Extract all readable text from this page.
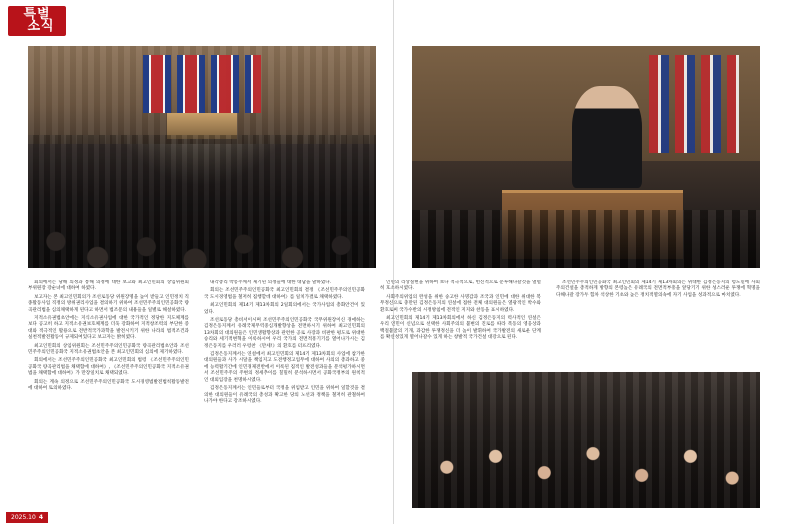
특별
소식

회의에서는 당해 의정과 통해 의정에 대한 보고와 최고인민회의 상임위원회 부위원장 강순녀에 대하여 하였다.

보고자는 본 최고인민회의가 조선로동당 위원장명을 높이 받들고 인민정치 직종활동사업 직정의 방위권리사업을 결의하기 위하여 조선민주주의인민공화국 량곡관리법을 심의채택하게 된다고 하면서 법조문의 내용들을 일별로 해설하였다.

지적소유권법초안에는 지식소유권사업에 대한 국가적인 정당한 지도체계를 보다 공고히 하고 지적소유권보호체계를 더욱 강화하여 지적창조력의 부단한 증대와 적극적인 활용으로 전반적국가과학을 발전시키기 위한 나라의 법적조건과 실천적발전활동이 규제되여있다고 보고자는 밝히였다.

최고인민회의 상임위원회는 조선민주주의인민공화국 량곡관리법초안과 조선민주주의인민공화국 지적소유권법초안을 본 최고인민회의 심의에 제기하였다.

회의에서는 조선민주주의인민공화국 최고인민회의 법령 《조선민주주의인민공화국 량곡관리법을 채택함에 대하여》, 《조선민주주의인민공화국 지적소유권법을 채택함에 대하여》가 만장일치로 채택되였다.

회의는 계속 의정으로 조선민주주의인민공화국 도시경영법발전법칙활동발전에 대하여 토의하였다.

내각총리 박봉주께서 제기된 의정들에 대한 대답을 말하였다.

회의는 조선민주주의인민공화국 최고인민회의 결정 《조선민주주의인민공화국 도시경영법을 철저히 집행할데 대하여》를 일치가결로 채택하였다.

최고인민회의 제14기 제13차회의 2일회의에서는 국가사업의 총화안건이 있었다.

조선로동당 총비서이시며 조선민주주의인민공화국 국무위원장이신 경애하는 김정은동지께서 유례국제무역중심개발향상을 전면하시기 위하여 최고인민회의 13차회의 대의원들은 인민생활향상과 관련한 공로 사장과 비판한 평도로 위대한 승리와 세기적변혁을 이룩하시여 우리 국가의 전면적흥기기를 열어나가시는 김정은동지를 우러러 우렁찬 《만세!》의 환호를 터뜨리였다.

김정은동지께서는 연설에서 최고인민회의 제14기 제13차회의 사업에 참가한 대의원들과 사가 시달을 책임지고 도전행정고업무에 대하여 사의의 총과하고 중에 능력활기간에 인민경제전반에서 이룩된 집적인 발전성과들을 분석평가하시면서 조선민주주의 주변의 정세추이를 칠밀히 분석하시면서 공화국정부의 원칙적인 대외입장을 천명하시였다.

김정은동지께서는 인민들로부터 국정을 위임받고 인민을 위하여 일할것을 결의한 대의원들이 유례국의 총성과 확고한 당의 노선과 정책을 철저히 관철하여 나가야 한다고 강조하시였다.

인민의 리상실현을 위하여 보다 적극적으로, 헌신적으로 문투해나갈것을 열렬히 호소하시였다.

사회주의위업의 완성을 위한 숭고한 사명감과 조국과 인민에 대한 위대한 복무정신으로 충만된 김정은동지의 연설에 접한 전체 대의원들은 열광적인 박수와 환호로써 국가수반의 시정방침에 전적인 지지와 찬동을 표시하였다.

최고인민회의 제14기 제13차회의에서 하신 김정은동지의 력사적인 연설은 우리 인민이 신념으로 선택한 사회주의의 불변의 진로를 따라 폭동의 영웅상과 백절불굴의 기개, 과감한 투쟁정신을 더 높이 발휘하여 국가발전의 새로운 단계를 확신성있게 열어나갈수 있게 하는 창발적 국가건설 대강으로 된다.

조선민주주의인민공화국 최고인민회의 제14기 제13차회의는 위대한 김정은동지의 령도밑에 사회주의건설을 총적하게 방향의 본령높은 유례국의 전면적부흥을 앞당기기 위한 성스러운 투쟁에 혁명을 다해나갈 장가두 힘차 석상한 기초와 높은 정치적열의속에 자기 사업을 성과적으로 마치였다.

2025.10 4
